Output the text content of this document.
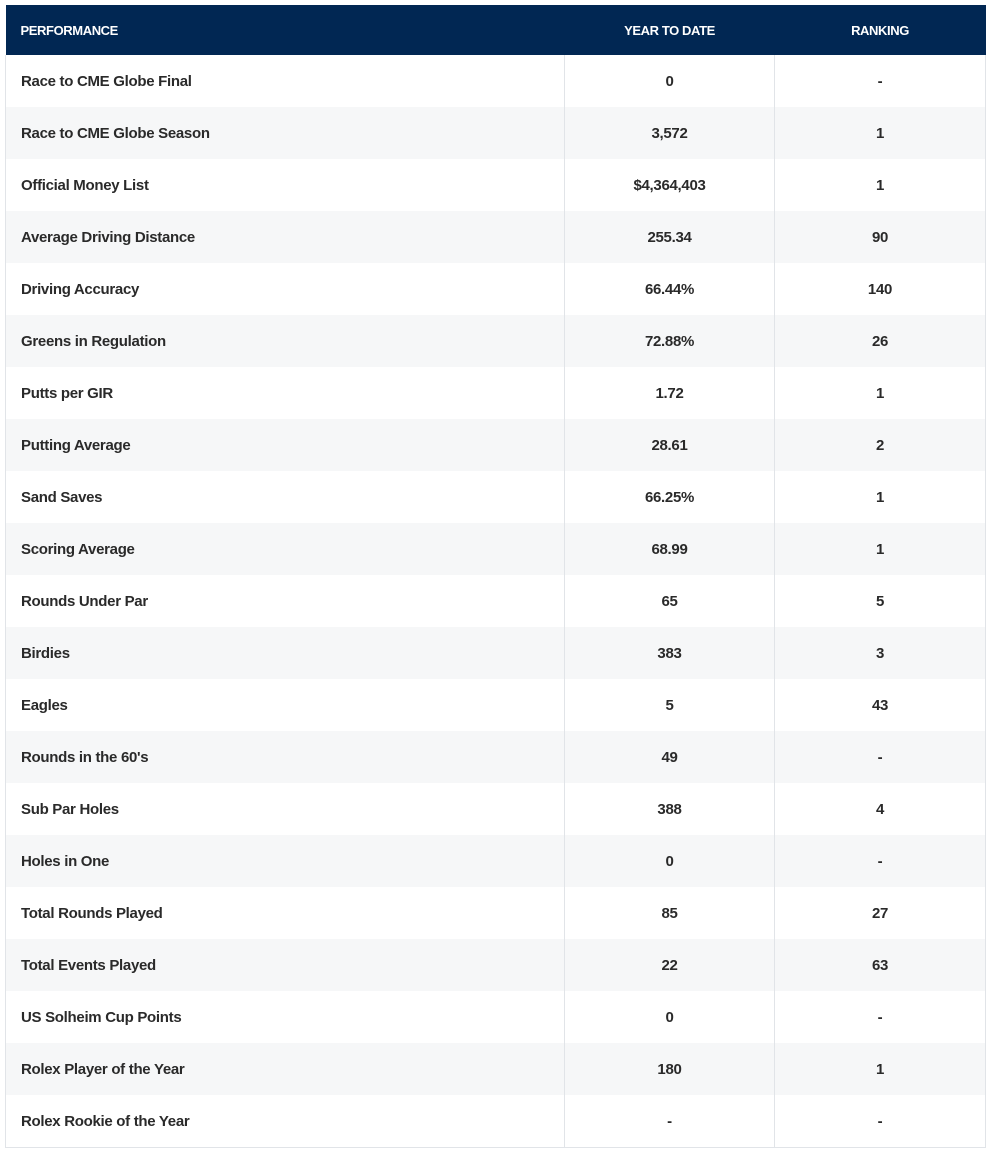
PERFORMANCE	YEAR TO DATE	RANKING
Race to CME Globe Final	0	-
Race to CME Globe Season	3,572	1
Official Money List	$4,364,403	1
Average Driving Distance	255.34	90
Driving Accuracy	66.44%	140
Greens in Regulation	72.88%	26
Putts per GIR	1.72	1
Putting Average	28.61	2
Sand Saves	66.25%	1
Scoring Average	68.99	1
Rounds Under Par	65	5
Birdies	383	3
Eagles	5	43
Rounds in the 60's	49	-
Sub Par Holes	388	4
Holes in One	0	-
Total Rounds Played	85	27
Total Events Played	22	63
US Solheim Cup Points	0	-
Rolex Player of the Year	180	1
Rolex Rookie of the Year	-	-
